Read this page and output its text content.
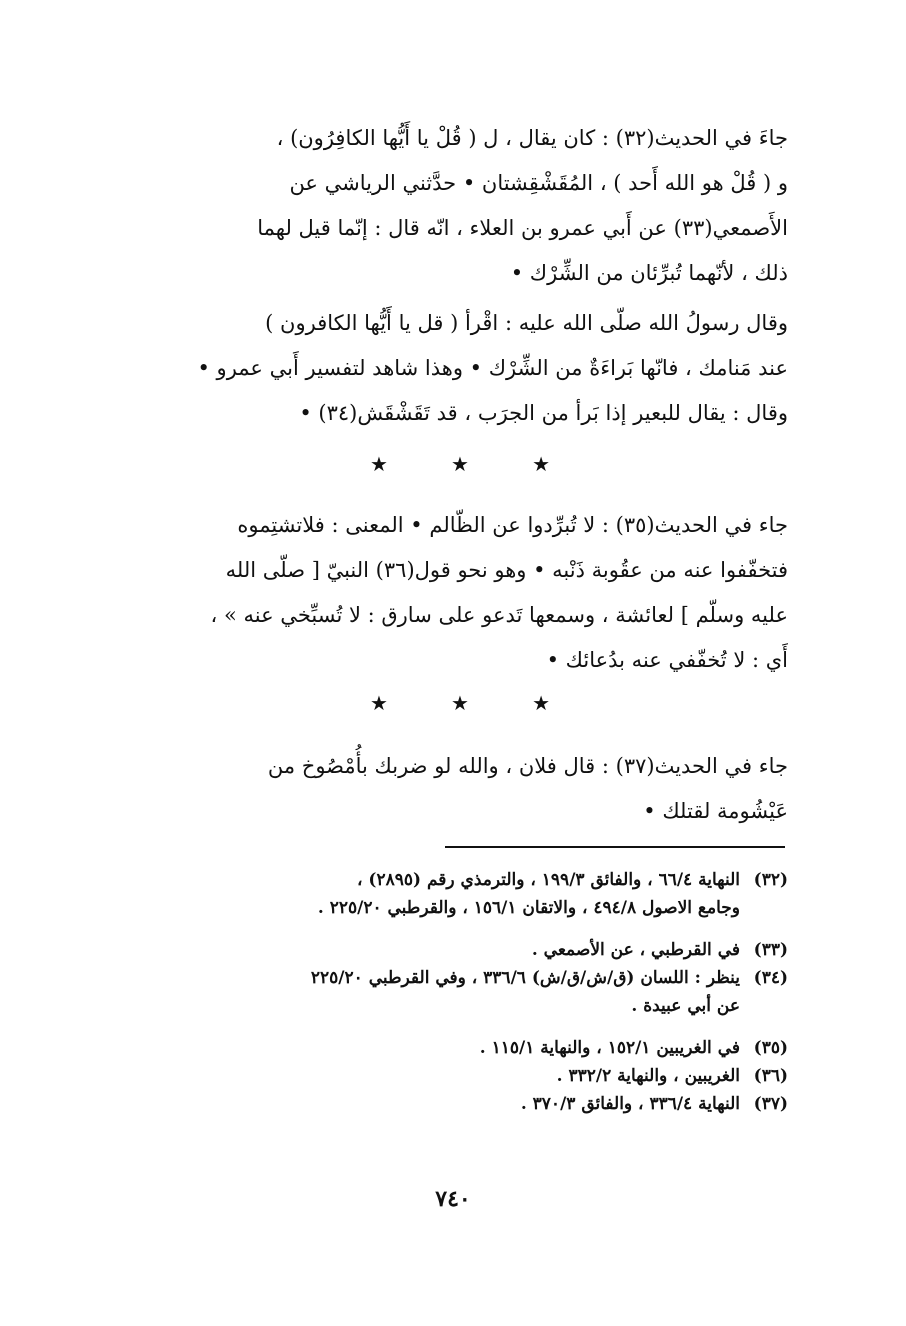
جاءَ في الحديث(٣٢) : كان يقال ، ل ( قُلْ يا أَيُّها الكافِرُون) ،
و ( قُلْ هو الله أَحد ) ، المُقَشْقِشتان • حدَّثني الرياشي عن
الأَصمعي(٣٣) عن أَبي عمرو بن العلاء ، انّه قال : إنّما قيل لهما
ذلك ، لأنّهما تُبرِّئان من الشِّرْك •
وقال رسولُ الله صلّى الله عليه : اقْرأ ( قل يا أَيُّها الكافرون )
عند مَنامك ، فانّها بَراءَةٌ من الشِّرْك • وهذا شاهد لتفسير أَبي عمرو •
وقال : يقال للبعير إذا بَرأ من الجرَب ، قد تَقَشْقَش(٣٤) •
★	★	★
جاء في الحديث(٣٥) : لا تُبرِّدوا عن الظّالم • المعنى : فلاتشتِموه
فتخفّفوا عنه من عقُوبة ذَنْبه • وهو نحو قول(٣٦) النبيّ [ صلّى الله
عليه وسلّم ] لعائشة ، وسمعها تَدعو على سارق : لا تُسبِّخي عنه » ،
أَي : لا تُخفّفي عنه بدُعائك •
★	★	★
جاء في الحديث(٣٧) : قال فلان ، والله لو ضربك بأُمْصُوخ من
عَيْشُومة لقتلك •
(٣٢)
النهاية ٦٦/٤ ، والفائق ١٩٩/٣ ، والترمذي رقم (٢٨٩٥) ،
وجامع الاصول ٤٩٤/٨ ، والاتقان ١٥٦/١ ، والقرطبي ٢٢٥/٢٠ .
(٣٣)
في القرطبي ، عن الأصمعي .
(٣٤)
ينظر : اللسان (ق/ش/ق/ش) ٣٣٦/٦ ، وفي القرطبي ٢٢٥/٢٠
عن أبي عبيدة .
(٣٥)
في الغريبين ١٥٢/١ ، والنهاية ١١٥/١ .
(٣٦)
الغريبين ، والنهاية ٣٣٢/٢ .
(٣٧)
النهاية ٣٣٦/٤ ، والفائق ٣٧٠/٣ .
٧٤٠
